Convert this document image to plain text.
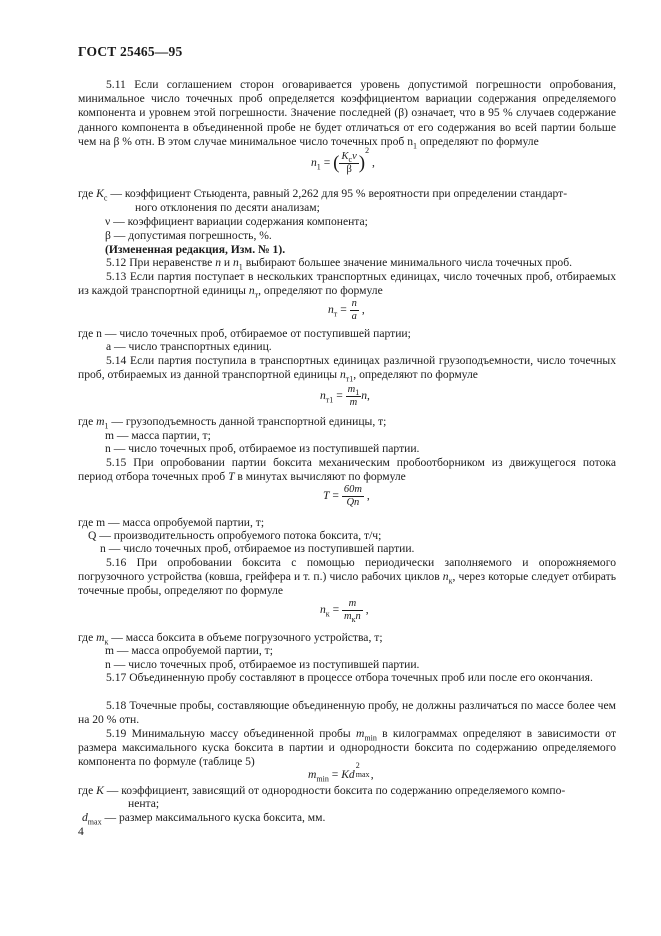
ГОСТ 25465—95
5.11 Если соглашением сторон оговаривается уровень допустимой погрешности опробования, минимальное число точечных проб определяется коэффициентом вариации содержания определяемого компонента и уровнем этой погрешности. Значение последней (β) означает, что в 95 % случаев содержание данного компонента в объединенной пробе не будет отличаться от его содержания во всей партии больше чем на β % отн. В этом случае минимальное число точечных проб $n_1$ определяют по формуле
$n_1$ = ( $\frac{K_c\nu}{\beta} )^2$ ,
где $K_c$ — коэффициент Стьюдента, равный 2,262 для 95 % вероятности при определении стандарт-
ного отклонения по десяти анализам;
ν — коэффициент вариации содержания компонента;
β — допустимая погрешность, %.
(Измененная редакция, Изм. № 1).
5.12 При неравенстве n и $n_1$ выбирают большее значение минимального числа точечных проб.
5.13 Если партия поступает в нескольких транспортных единицах, число точечных проб, отбираемых из каждой транспортной единицы $n_т$, определяют по формуле
$n_т = \frac{n}{a}$ ,
где n — число точечных проб, отбираемое от поступившей партии;
a — число транспортных единиц.
5.14 Если партия поступила в транспортных единицах различной грузоподъемности, число точечных проб, отбираемых из данной транспортной единицы $n_{т1}$, определяют по формуле
$n_{т1} = \frac{m_1}{m} n$,
где $m_1$ — грузоподъемность данной транспортной единицы, т;
m — масса партии, т;
n — число точечных проб, отбираемое из поступившей партии.
5.15 При опробовании партии боксита механическим пробоотборником из движущегося потока период отбора точечных проб T в минутах вычисляют по формуле
$T = \frac{60m}{Qn}$ ,
где m — масса опробуемой партии, т;
Q — производительность опробуемого потока боксита, т/ч;
n — число точечных проб, отбираемое из поступившей партии.
5.16 При опробовании боксита с помощью периодически заполняемого и опорожняемого погрузочного устройства (ковша, грейфера и т. п.) число рабочих циклов $n_к$, через которые следует отбирать точечные пробы, определяют по формуле
$n_к = \frac{m}{m_кn}$ ,
где $m_к$ — масса боксита в объеме погрузочного устройства, т;
m — масса опробуемой партии, т;
n — число точечных проб, отбираемое из поступившей партии.
5.17 Объединенную пробу составляют в процессе отбора точечных проб или после его окончания.
5.18 Точечные пробы, составляющие объединенную пробу, не должны различаться по массе более чем на 20 % отн.
5.19 Минимальную массу объединенной пробы $m_{min}$ в килограммах определяют в зависимости от размера максимального куска боксита в партии и однородности боксита по содержанию определяемого компонента по формуле (таблице 5)
$m_{min} = Kd$
2
max ,
где K — коэффициент, зависящий от однородности боксита по содержанию определяемого компо-
нента;
$d_{max}$ — размер максимального куска боксита, мм.
4
